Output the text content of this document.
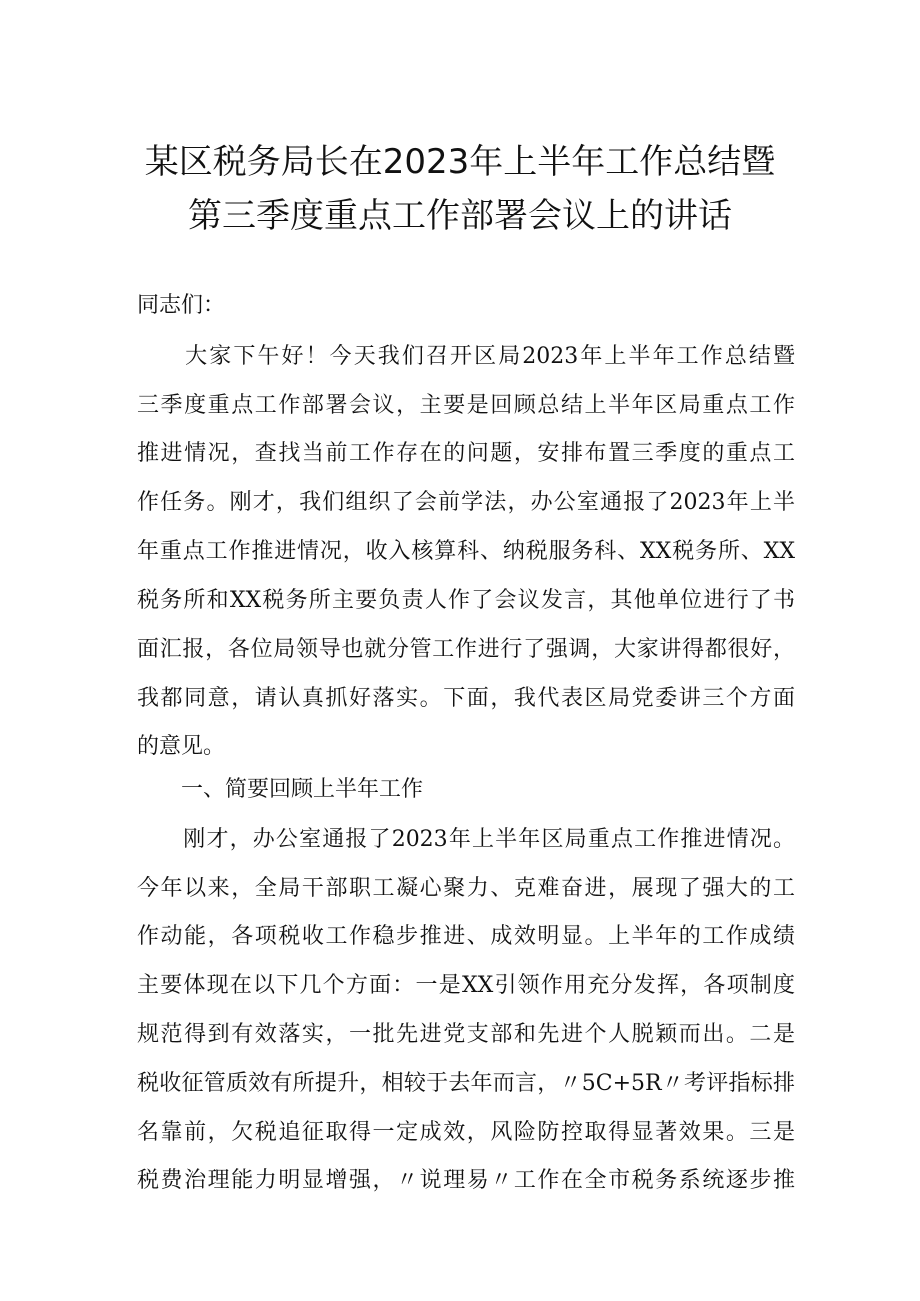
某区税务局长在2023年上半年工作总结暨
第三季度重点工作部署会议上的讲话
同志们：
　　大家下午好！今天我们召开区局2023年上半年工作总结暨
三季度重点工作部署会议，主要是回顾总结上半年区局重点工作
推进情况，查找当前工作存在的问题，安排布置三季度的重点工
作任务。刚才，我们组织了会前学法，办公室通报了2023年上半
年重点工作推进情况，收入核算科、纳税服务科、XX税务所、XX
税务所和XX税务所主要负责人作了会议发言，其他单位进行了书
面汇报，各位局领导也就分管工作进行了强调，大家讲得都很好，
我都同意，请认真抓好落实。下面，我代表区局党委讲三个方面
的意见。
　　一、简要回顾上半年工作
　　刚才，办公室通报了2023年上半年区局重点工作推进情况。
今年以来，全局干部职工凝心聚力、克难奋进，展现了强大的工
作动能，各项税收工作稳步推进、成效明显。上半年的工作成绩
主要体现在以下几个方面：一是XX引领作用充分发挥，各项制度
规范得到有效落实，一批先进党支部和先进个人脱颖而出。二是
税收征管质效有所提升，相较于去年而言，〃5C+5R〃考评指标排
名靠前，欠税追征取得一定成效，风险防控取得显著效果。三是
税费治理能力明显增强，〃说理易〃工作在全市税务系统逐步推
